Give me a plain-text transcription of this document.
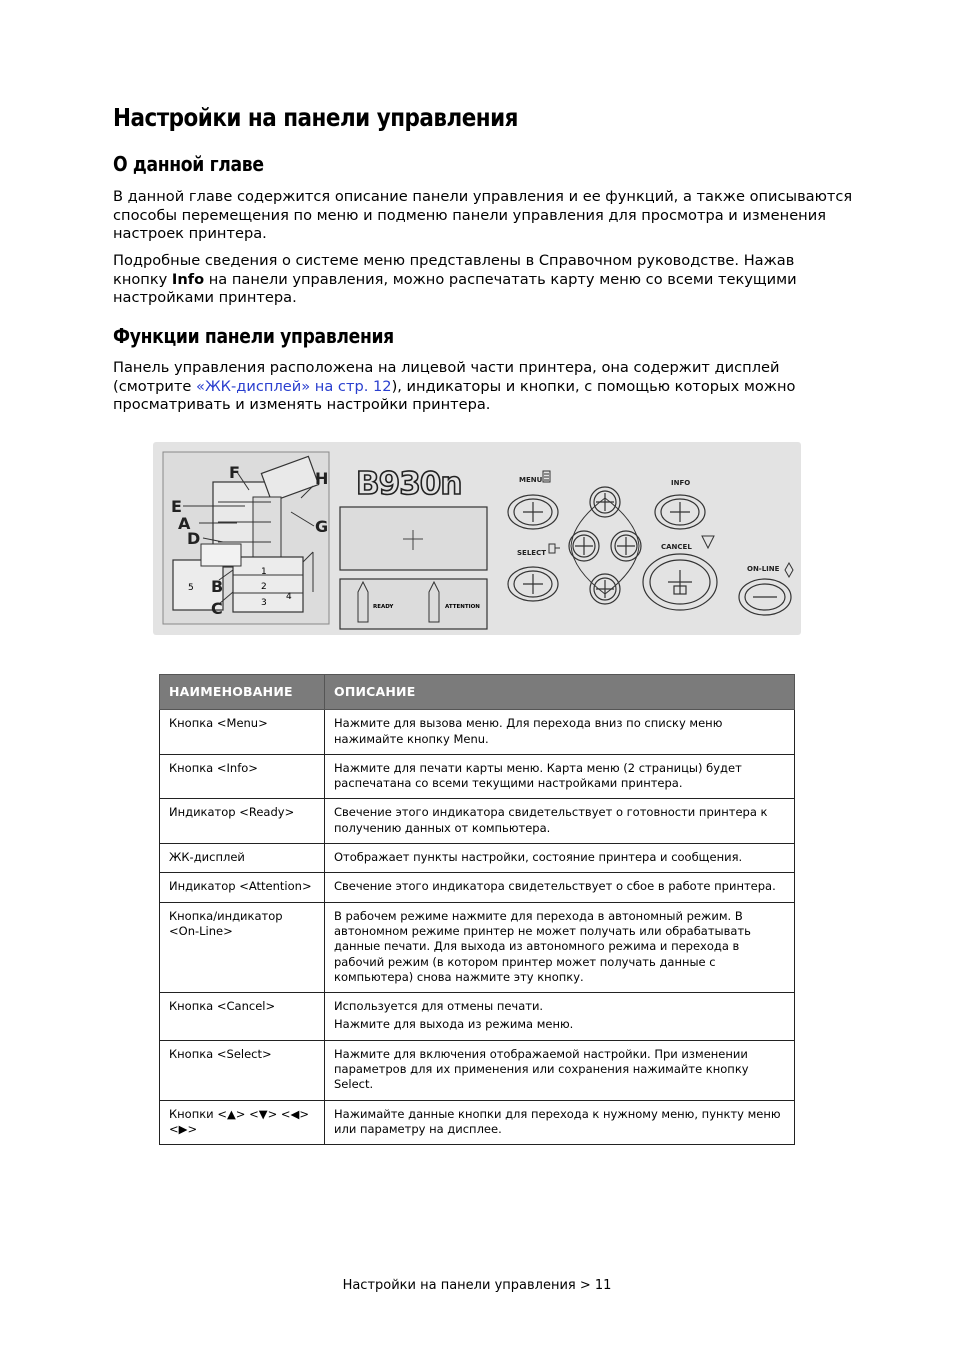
Настройки на панели управления
О данной главе

В данной главе содержится описание панели управления и ее функций, а также описываются способы перемещения по меню и подменю панели управления для просмотра и изменения настроек принтера.

Подробные сведения о системе меню представлены в Справочном руководстве. Нажав кнопку Info на панели управления, можно распечатать карту меню со всеми текущими настройками принтера.

Функции панели управления

Панель управления расположена на лицевой части принтера, она содержит дисплей (смотрите «ЖК-дисплей» на стр. 12), индикаторы и кнопки, с помощью которых можно просматривать и изменять настройки принтера.

1
2
3
4
5
F	H
E
A
D
G
B
C
B930n
READY	ATTENTION
MENU
SELECT
INFO
CANCEL
ON-LINE
НАИМЕНОВАНИЕ	ОПИСАНИЕ
Кнопка <Menu>	Нажмите для вызова меню. Для перехода вниз по списку меню нажимайте кнопку Menu.
Кнопка <Info>	Нажмите для печати карты меню. Карта меню (2 страницы) будет распечатана со всеми текущими настройками принтера.
Индикатор <Ready>	Свечение этого индикатора свидетельствует о готовности принтера к получению данных от компьютера.
ЖК-дисплей	Отображает пункты настройки, состояние принтера и сообщения.
Индикатор <Attention>	Свечение этого индикатора свидетельствует о сбое в работе принтера.
Кнопка/индикатор <On-Line>	В рабочем режиме нажмите для перехода в автономный режим. В автономном режиме принтер не может получать или обрабатывать данные печати. Для выхода из автономного режима и перехода в рабочий режим (в котором принтер может получать данные с компьютера) снова нажмите эту кнопку.
Кнопка <Cancel>	Используется для отмены печати.
Нажмите для выхода из режима меню.

Кнопка <Select>	Нажмите для включения отображаемой настройки. При изменении параметров для их применения или сохранения нажимайте кнопку Select.
Кнопки <▲> <▼> <◀> <▶>	Нажимайте данные кнопки для перехода к нужному меню, пункту меню или параметру на дисплее.
Настройки на панели управления > 11
